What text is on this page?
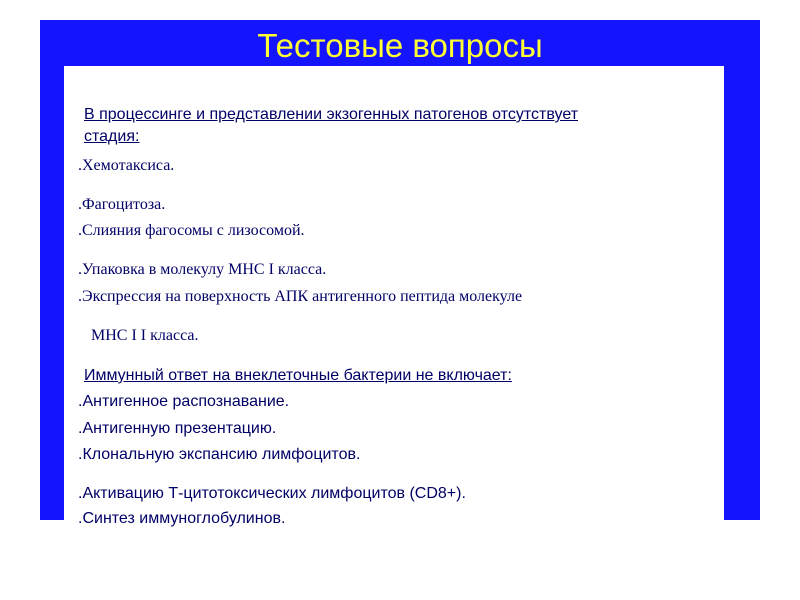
Тестовые вопросы
В процессинге и представлении экзогенных патогенов отсутствует
стадия:
.Хемотаксиса.
.Фагоцитоза.
.Слияния фагосомы с лизосомой.
.Упаковка в молекулу МНС I класса.
.Экспрессия на поверхность АПК антигенного пептида молекуле
МНС I I класса.
Иммунный ответ на внеклеточные бактерии не включает:
.Антигенное распознавание.
.Антигенную презентацию.
.Клональную экспансию лимфоцитов.
.Активацию Т-цитотоксических лимфоцитов (CD8+).
.Синтез иммуноглобулинов.
